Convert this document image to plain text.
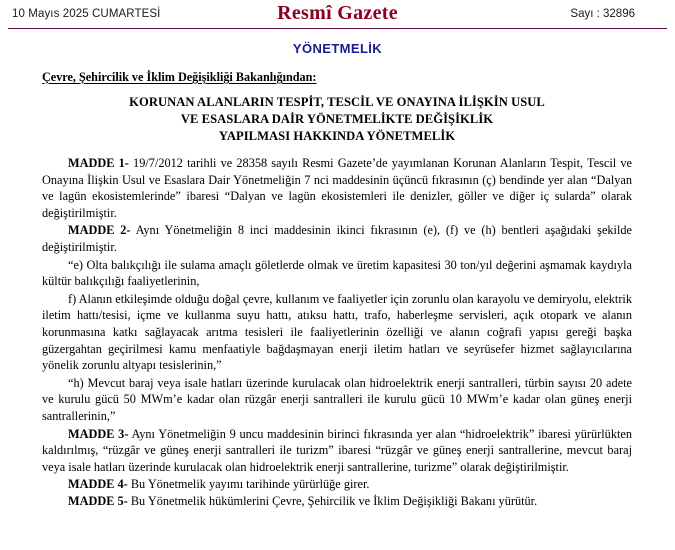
10 Mayıs 2025 CUMARTESİ	Resmî Gazete	Sayı : 32896
YÖNETMELİK
Çevre, Şehircilik ve İklim Değişikliği Bakanlığından:
KORUNAN ALANLARIN TESPİT, TESCİL VE ONAYINA İLİŞKİN USUL
VE ESASLARA DAİR YÖNETMELİKTE DEĞİŞİKLİK
YAPILMASI HAKKINDA YÖNETMELİK

MADDE 1- 19/7/2012 tarihli ve 28358 sayılı Resmi Gazete’de yayımlanan Korunan Alanların Tespit, Tescil ve Onayına İlişkin Usul ve Esaslara Dair Yönetmeliğin 7 nci maddesinin üçüncü fıkrasının (ç) bendinde yer alan “Dalyan ve lagün ekosistemlerinde” ibaresi “Dalyan ve lagün ekosistemleri ile denizler, göller ve diğer iç sularda” olarak değiştirilmiştir.

MADDE 2- Aynı Yönetmeliğin 8 inci maddesinin ikinci fıkrasının (e), (f) ve (h) bentleri aşağıdaki şekilde değiştirilmiştir.

“e) Olta balıkçılığı ile sulama amaçlı göletlerde olmak ve üretim kapasitesi 30 ton/yıl değerini aşmamak kaydıyla kültür balıkçılığı faaliyetlerinin,

f) Alanın etkileşimde olduğu doğal çevre, kullanım ve faaliyetler için zorunlu olan karayolu ve demiryolu, elektrik iletim hattı/tesisi, içme ve kullanma suyu hattı, atıksu hattı, trafo, haberleşme servisleri, açık otopark ve alanın korunmasına katkı sağlayacak arıtma tesisleri ile faaliyetlerinin özelliği ve alanın coğrafi yapısı gereği başka güzergahtan geçirilmesi kamu menfaatiyle bağdaşmayan enerji iletim hatları ve seyrüsefer hizmet sağlayıcılarına yönelik zorunlu altyapı tesislerinin,”

“h) Mevcut baraj veya isale hatları üzerinde kurulacak olan hidroelektrik enerji santralleri, türbin sayısı 20 adete ve kurulu gücü 50 MWm’e kadar olan rüzgâr enerji santralleri ile kurulu gücü 10 MWm’e kadar olan güneş enerji santrallerinin,”

MADDE 3- Aynı Yönetmeliğin 9 uncu maddesinin birinci fıkrasında yer alan “hidroelektrik” ibaresi yürürlükten kaldırılmış, “rüzgâr ve güneş enerji santralleri ile turizm” ibaresi “rüzgâr ve güneş enerji santrallerine, mevcut baraj veya isale hatları üzerinde kurulacak olan hidroelektrik enerji santrallerine, turizme” olarak değiştirilmiştir.

MADDE 4- Bu Yönetmelik yayımı tarihinde yürürlüğe girer.

MADDE 5- Bu Yönetmelik hükümlerini Çevre, Şehircilik ve İklim Değişikliği Bakanı yürütür.
